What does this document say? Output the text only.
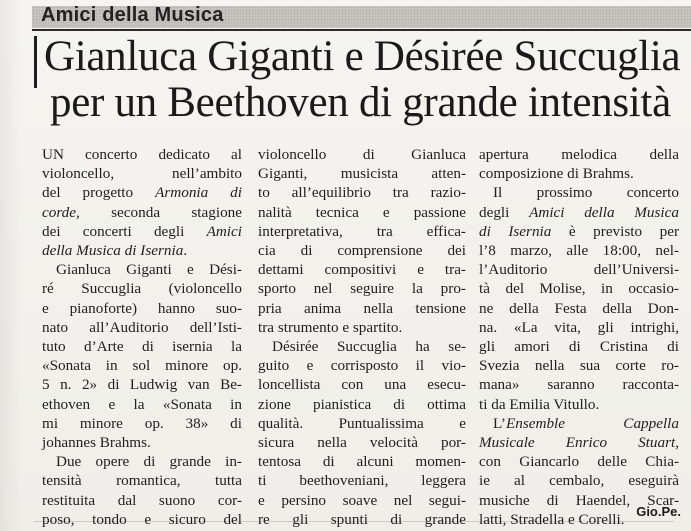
Amici della Musica
Gianluca Giganti e Désirée Succuglia
per un Beethoven di grande intensità
UN concerto dedicato al
violoncello, nell’ambito
del progetto Armonia di
corde, seconda stagione
dei concerti degli Amici
della Musica di Isernia.
Gianluca Giganti e Dési-
ré Succuglia (violoncello
e pianoforte) hanno suo-
nato all’Auditorio dell’Isti-
tuto d’Arte di isernia la
«Sonata in sol minore op.
5 n. 2» di Ludwig van Be-
ethoven e la «Sonata in
mi minore op. 38» di
johannes Brahms.
Due opere di grande in-
tensità romantica, tutta
restituita dal suono cor-
poso, tondo e sicuro del
violoncello di Gianluca
Giganti, musicista atten-
to all’equilibrio tra razio-
nalità tecnica e passione
interpretativa, tra effica-
cia di comprensione dei
dettami compositivi e tra-
sporto nel seguire la pro-
pria anima nella tensione
tra strumento e spartito.
Désirée Succuglia ha se-
guito e corrisposto il vio-
loncellista con una esecu-
zione pianistica di ottima
qualità. Puntualissima e
sicura nella velocità por-
tentosa di alcuni momen-
ti beethoveniani, leggera
e persino soave nel segui-
re gli spunti di grande
apertura melodica della
composizione di Brahms.
Il prossimo concerto
degli Amici della Musica
di Isernia è previsto per
l’8 marzo, alle 18:00, nel-
l’Auditorio dell’Universi-
tà del Molise, in occasio-
ne della Festa della Don-
na. «La vita, gli intrighi,
gli amori di Cristina di
Svezia nella sua corte ro-
mana» saranno racconta-
ti da Emilia Vitullo.
L’Ensemble Cappella
Musicale Enrico Stuart,
con Giancarlo delle Chia-
ie al cembalo, eseguirà
musiche di Haendel, Scar-
latti, Stradella e Corelli. Gio.Pe.
